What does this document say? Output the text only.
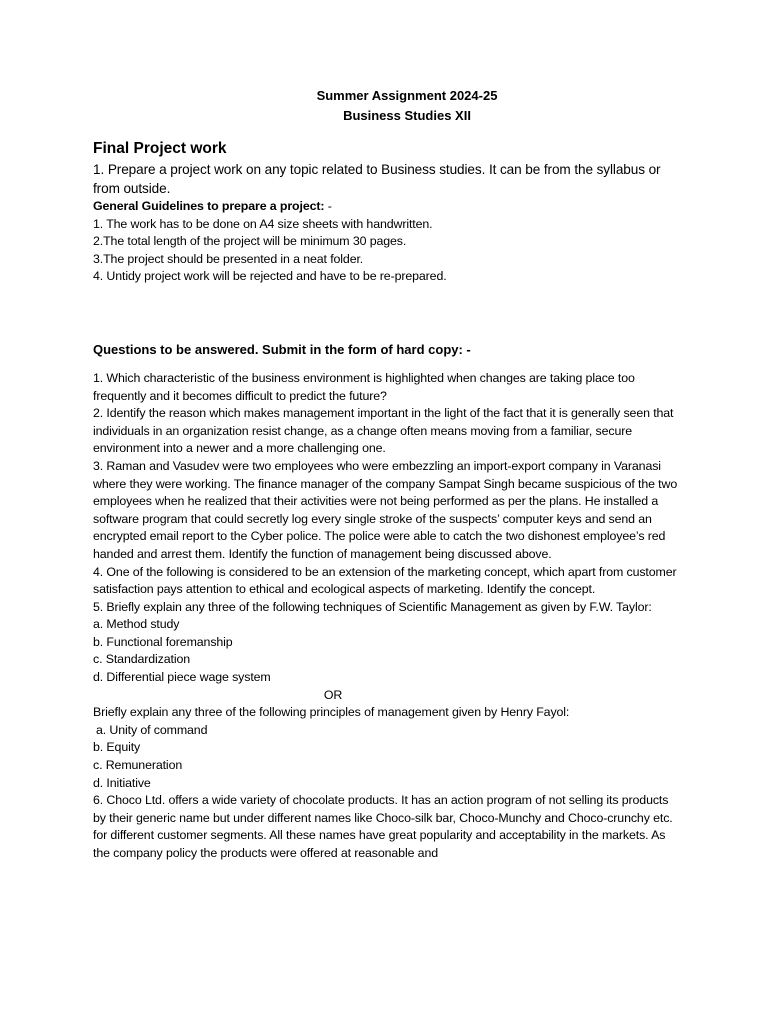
Summer Assignment 2024-25
Business Studies XII
Final Project work

1. Prepare a project work on any topic related to Business studies. It can be from the syllabus or from outside.

General Guidelines to prepare a project: -
1. The work has to be done on A4 size sheets with handwritten.
2.The total length of the project will be minimum 30 pages.
3.The project should be presented in a neat folder.
4. Untidy project work will be rejected and have to be re-prepared.
Questions to be answered. Submit in the form of hard copy: -

1. Which characteristic of the business environment is highlighted when changes are taking place too frequently and it becomes difficult to predict the future?

2. Identify the reason which makes management important in the light of the fact that it is generally seen that individuals in an organization resist change, as a change often means moving from a familiar, secure environment into a newer and a more challenging one.

3. Raman and Vasudev were two employees who were embezzling an import-export company in Varanasi where they were working. The finance manager of the company Sampat Singh became suspicious of the two employees when he realized that their activities were not being performed as per the plans. He installed a software program that could secretly log every single stroke of the suspects’ computer keys and send an encrypted email report to the Cyber police. The police were able to catch the two dishonest employee’s red handed and arrest them. Identify the function of management being discussed above.

4. One of the following is considered to be an extension of the marketing concept, which apart from customer satisfaction pays attention to ethical and ecological aspects of marketing. Identify the concept.

5. Briefly explain any three of the following techniques of Scientific Management as given by F.W. Taylor:

a. Method study
b. Functional foremanship
c. Standardization
d. Differential piece wage system
OR

Briefly explain any three of the following principles of management given by Henry Fayol:

a. Unity of command
b. Equity
c. Remuneration
d. Initiative

6. Choco Ltd. offers a wide variety of chocolate products. It has an action program of not selling its products by their generic name but under different names like Choco-silk bar, Choco-Munchy and Choco-crunchy etc. for different customer segments. All these names have great popularity and acceptability in the markets. As the company policy the products were offered at reasonable and
